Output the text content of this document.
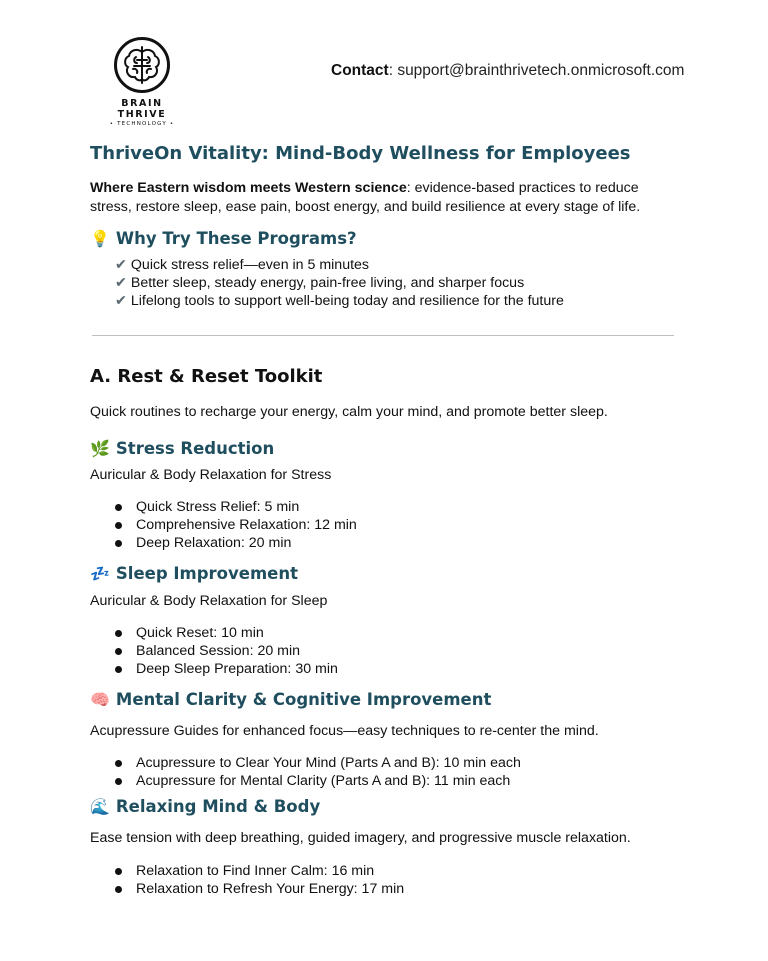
BRAIN THRIVE
• TECHNOLOGY •
Contact: support@brainthrivetech.onmicrosoft.com
ThriveOn Vitality: Mind-Body Wellness for Employees

Where Eastern wisdom meets Western science: evidence-based practices to reduce stress, restore sleep, ease pain, boost energy, and build resilience at every stage of life.

💡 Why Try These Programs?
✔ Quick stress relief—even in 5 minutes
✔ Better sleep, steady energy, pain-free living, and sharper focus
✔ Lifelong tools to support well-being today and resilience for the future
A. Rest & Reset Toolkit

Quick routines to recharge your energy, calm your mind, and promote better sleep.

🌿 Stress Reduction

Auricular & Body Relaxation for Stress

Quick Stress Relief: 5 min
Comprehensive Relaxation: 12 min
Deep Relaxation: 20 min
💤 Sleep Improvement

Auricular & Body Relaxation for Sleep

Quick Reset: 10 min
Balanced Session: 20 min
Deep Sleep Preparation: 30 min
🧠 Mental Clarity & Cognitive Improvement

Acupressure Guides for enhanced focus—easy techniques to re-center the mind.

Acupressure to Clear Your Mind (Parts A and B): 10 min each
Acupressure for Mental Clarity (Parts A and B): 11 min each
🌊 Relaxing Mind & Body

Ease tension with deep breathing, guided imagery, and progressive muscle relaxation.

Relaxation to Find Inner Calm: 16 min
Relaxation to Refresh Your Energy: 17 min
